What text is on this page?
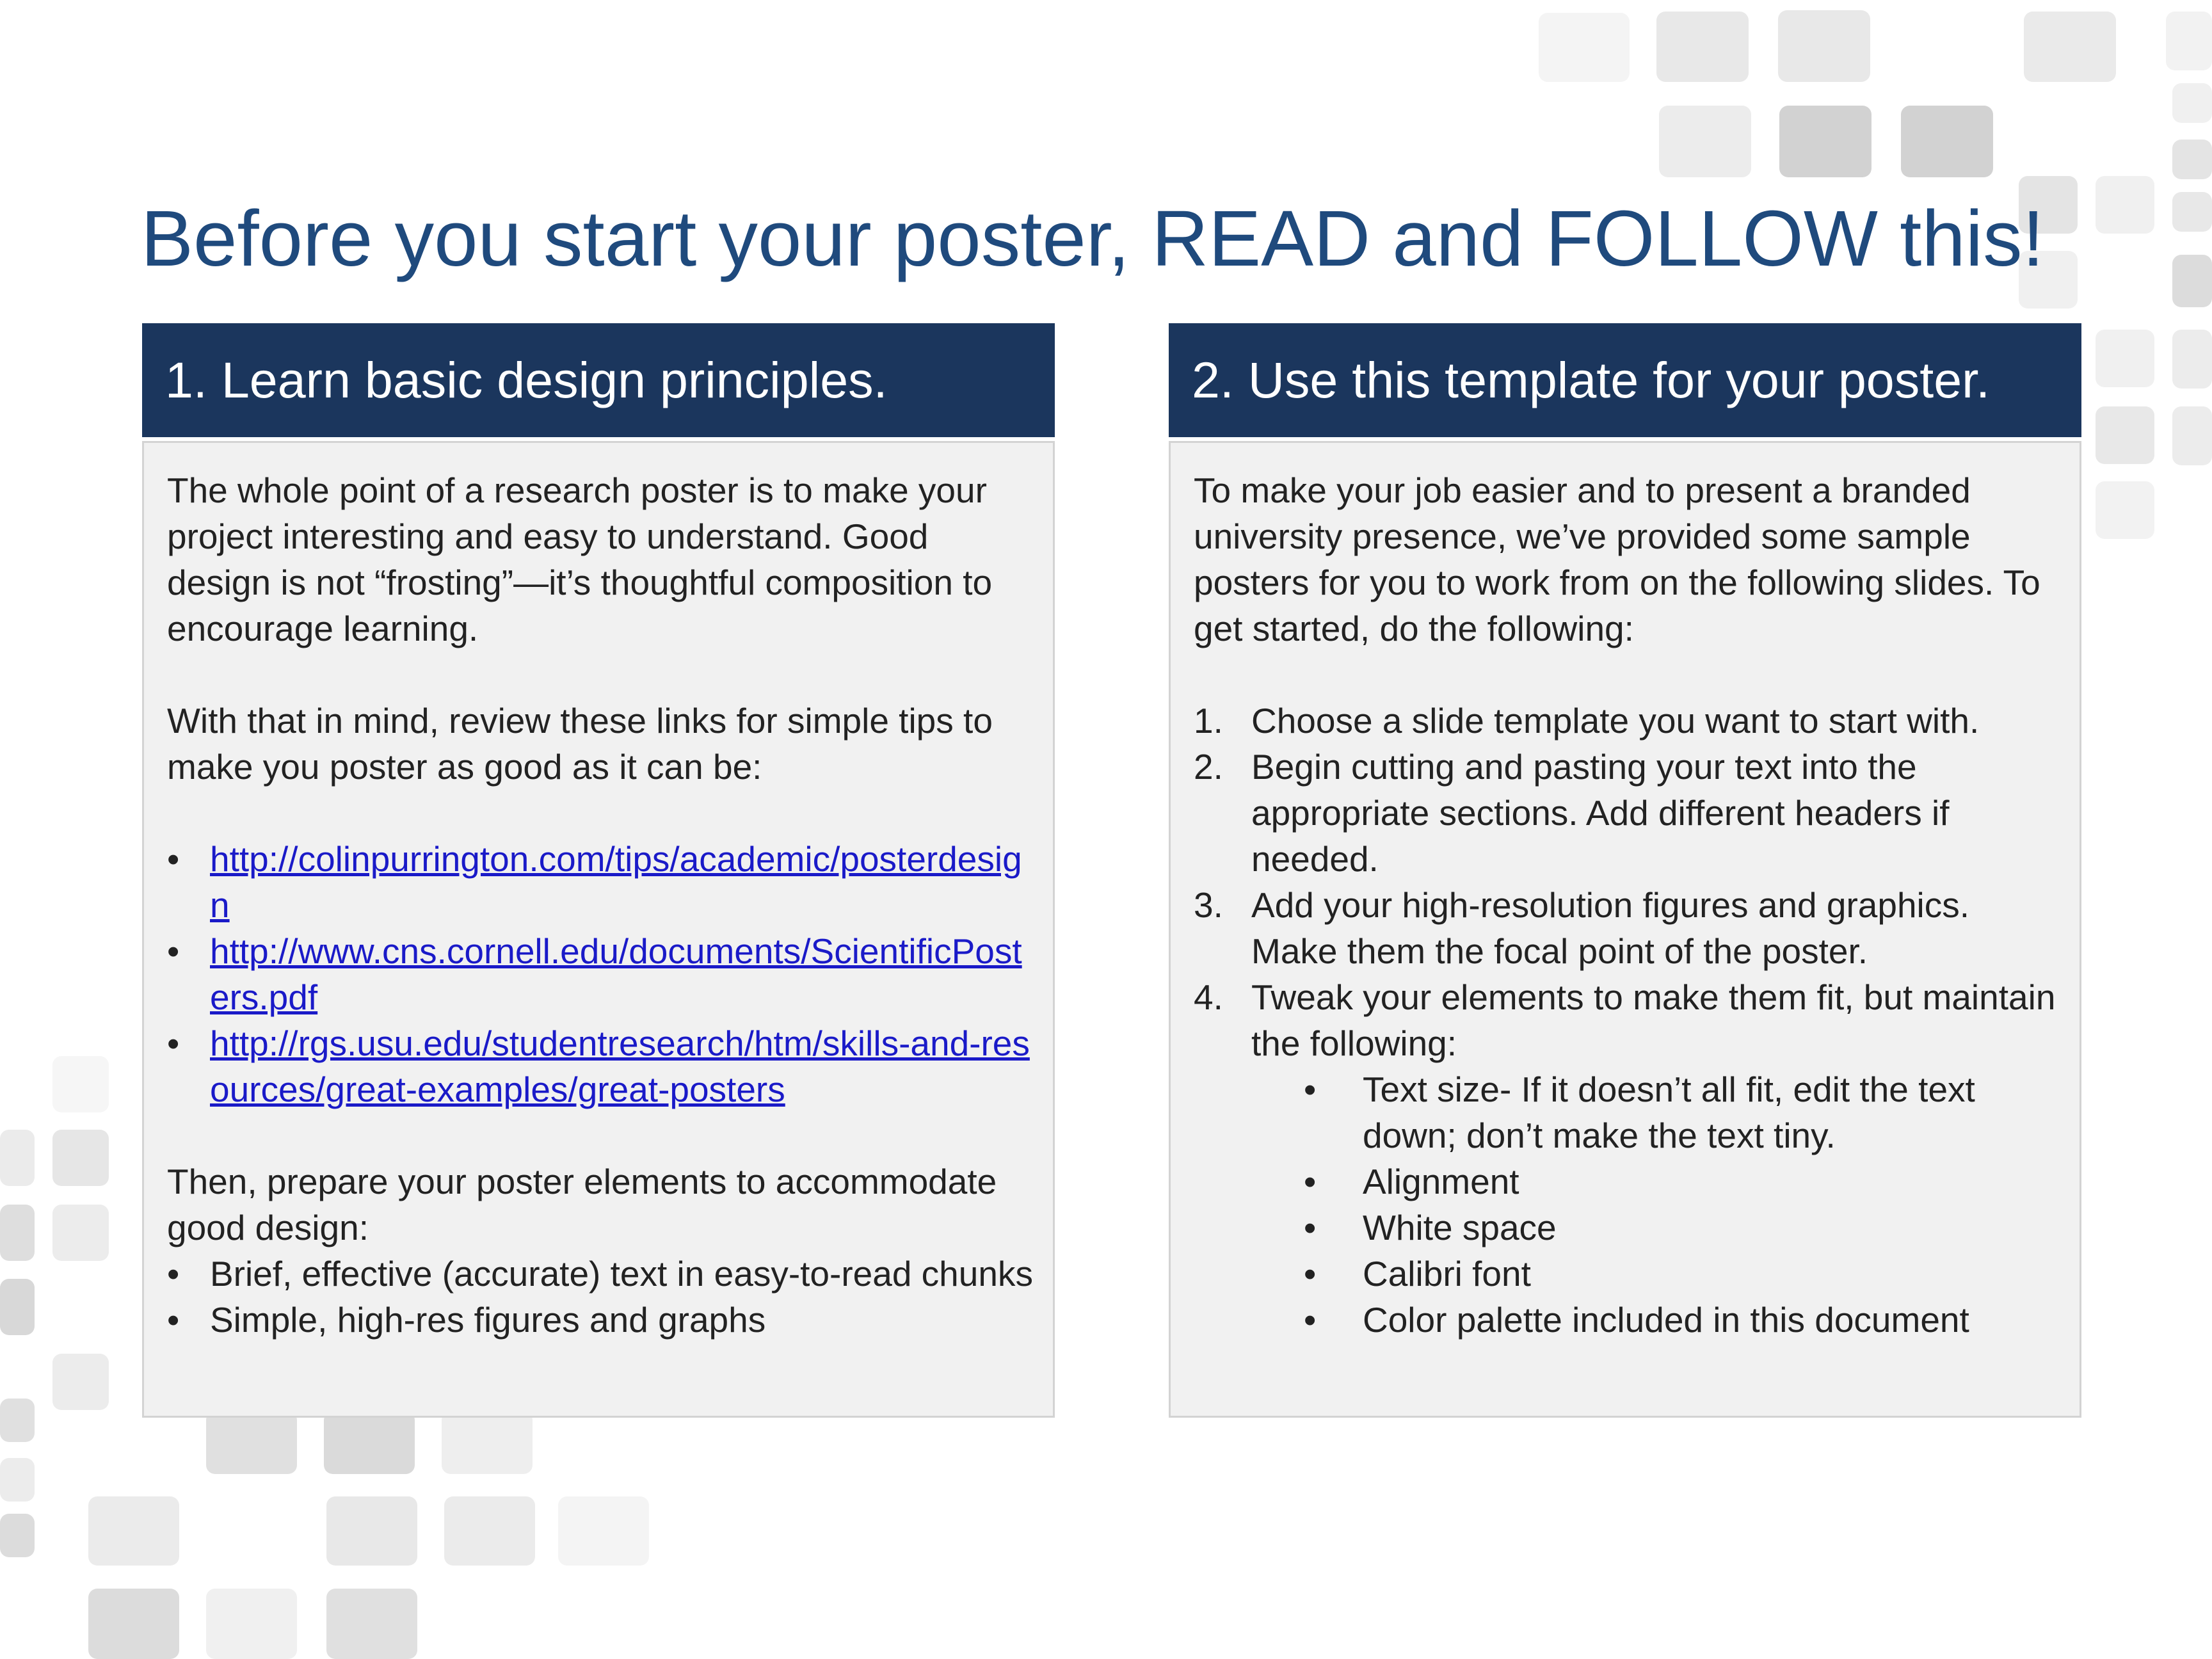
Before you start your poster, READ and FOLLOW this!
1. Learn basic design principles.

The whole point of a research poster is to make your project interesting and easy to understand. Good design is not “frosting”—it’s thoughtful composition to encourage learning.

With that in mind, review these links for simple tips to make you poster as good as it can be:

• http://colinpurrington.com/tips/academic/posterdesign
• http://www.cns.cornell.edu/documents/ScientificPosters.pdf
• http://rgs.usu.edu/studentresearch/htm/skills-and-resources/great-examples/great-posters

Then, prepare your poster elements to accommodate good design:

• Brief, effective (accurate) text in easy-to-read chunks
• Simple, high-res figures and graphs
2. Use this template for your poster.

To make your job easier and to present a branded university presence, we’ve provided some sample posters for you to work from on the following slides. To get started, do the following:

1. Choose a slide template you want to start with.
2. Begin cutting and pasting your text into the appropriate sections. Add different headers if needed.
3. Add your high-resolution figures and graphics. Make them the focal point of the poster.
4. Tweak your elements to make them fit, but maintain the following:
• Text size- If it doesn’t all fit, edit the text down; don’t make the text tiny.
• Alignment
• White space
• Calibri font
• Color palette included in this document
